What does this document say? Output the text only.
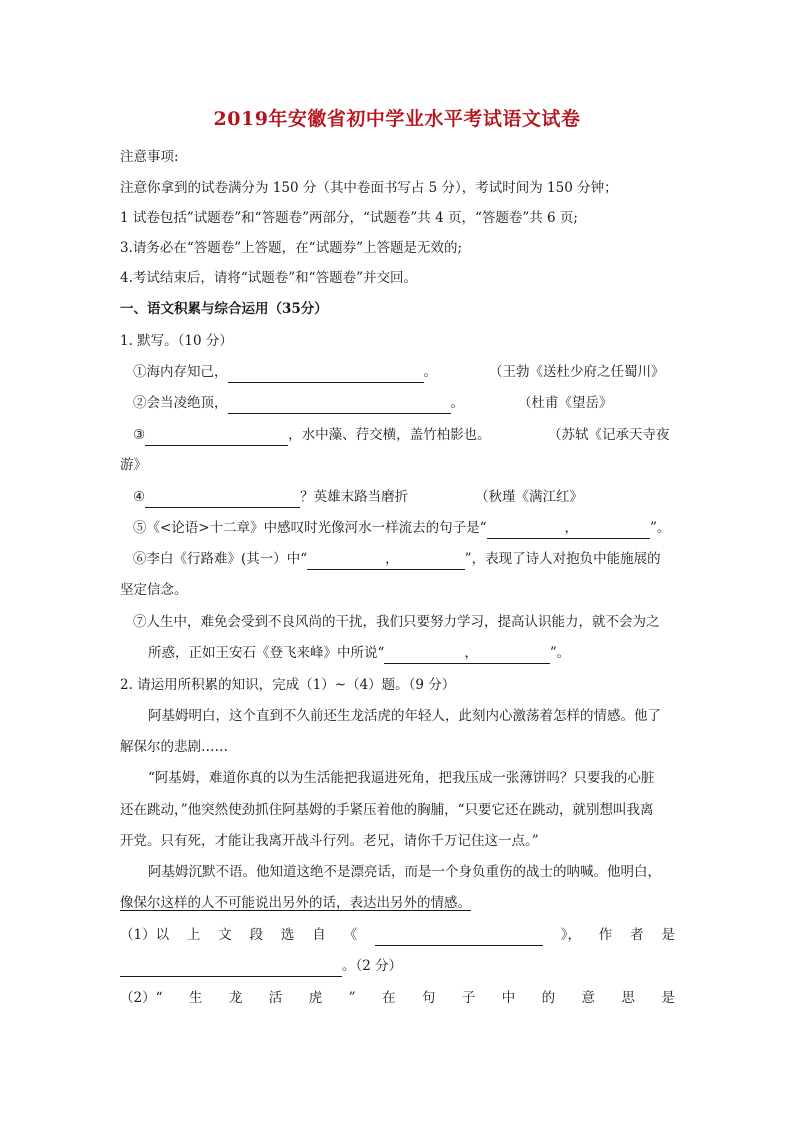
2019年安徽省初中学业水平考试语文试卷
注意事项:
注意你拿到的试卷满分为 150 分（其中卷面书写占 5 分），考试时间为 150 分钟；
1 试卷包括”试题卷”和“答题卷”两部分，“试题卷”共 4 页，“答题卷”共 6 页;
3.请务必在“答题卷”上答题，在“试题券”上答题是无效的;
4.考试结束后，请将“试题卷”和“答题卷”并交回。
一、语文积累与综合运用（35分）
1. 默写。（10 分）
①海内存知己，	。	（王勃《送杜少府之任蜀川》
②会当凌绝顶，	。	（杜甫《望岳》
③	，水中藻、荇交横，盖竹柏影也。	（苏轼《记承天寺夜
游》
④	？英雄末路当磨折	（秋瑾《满江红》
⑤《<论语>十二章》中感叹时光像河水一样流去的句子是“	，	”。
⑥李白《行路难》(其一）中“	，	”，表现了诗人对抱负中能施展的
坚定信念。
⑦人生中，难免会受到不良风尚的干扰，我们只要努力学习，提高认识能力，就不会为之
所惑，正如王安石《登飞来峰》中所说“	，	”。
2. 请运用所积累的知识，完成（1）~（4）题。（9 分）
阿基姆明白，这个直到不久前还生龙活虎的年轻人，此刻内心激荡着怎样的情感。他了
解保尔的悲剧……
“阿基姆，难道你真的以为生活能把我逼进死角，把我压成一张薄饼吗？只要我的心脏
还在跳动，”他突然使劲抓住阿基姆的手紧压着他的胸脯，“只要它还在跳动，就别想叫我离
开党。只有死，才能让我离开战斗行列。老兄，请你千万记住这一点。”
阿基姆沉默不语。他知道这绝不是漂亮话，而是一个身负重伤的战士的呐喊。他明白，
像保尔这样的人不可能说出另外的话，表达出另外的情感。
（1）以 上 文 段 选 自 《
	》， 作 者 是
。（2 分）
（2）“ 生 龙 活 虎 ” 在 句 子 中 的 意 思 是
